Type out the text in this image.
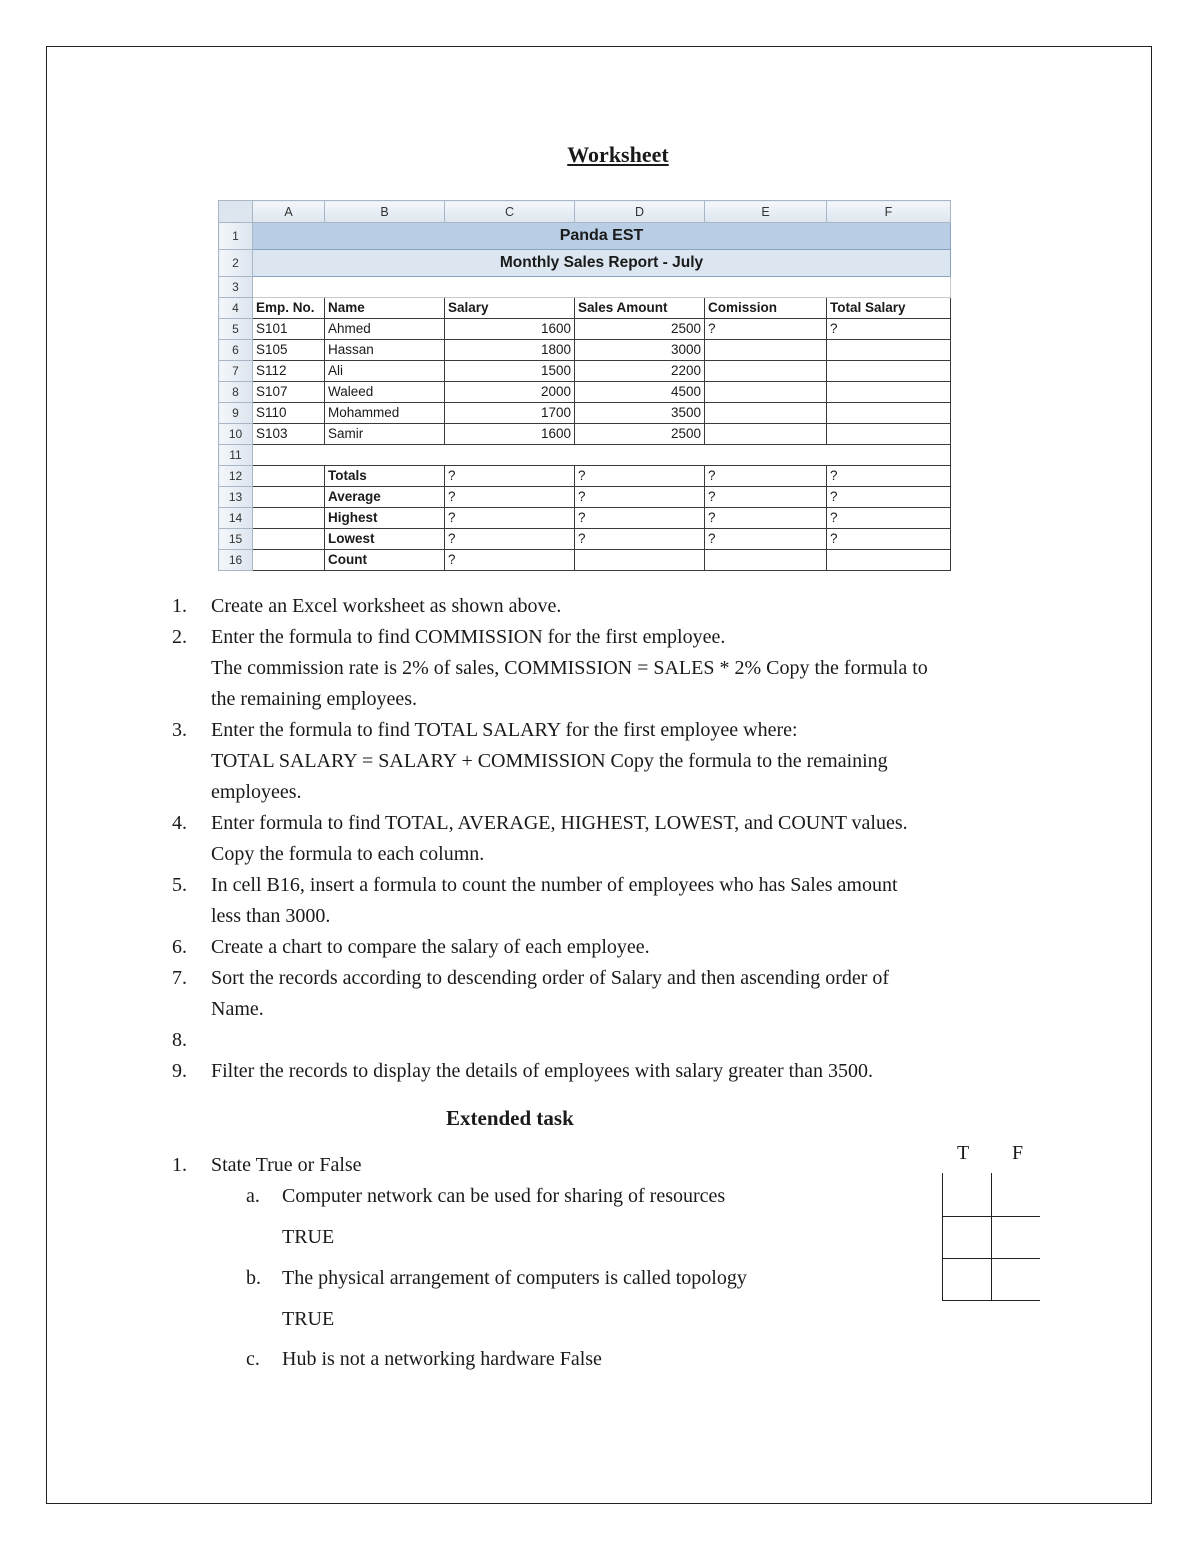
Worksheet
	A	B	C	D	E	F
1	Panda EST					
2	Monthly Sales Report - July					
3						
4	Emp. No.	Name	Salary	Sales Amount	Comission	Total Salary
5	S101	Ahmed	1600	2500	?	?
6	S105	Hassan	1800	3000		
7	S112	Ali	1500	2200		
8	S107	Waleed	2000	4500		
9	S110	Mohammed	1700	3500		
10	S103	Samir	1600	2500		
11						
12		Totals	?	?	?	?
13		Average	?	?	?	?
14		Highest	?	?	?	?
15		Lowest	?	?	?	?
16		Count	?			
1.	Create an Excel worksheet as shown above.
2.	Enter the formula to find COMMISSION for the first employee.
The commission rate is 2% of sales, COMMISSION = SALES * 2% Copy the formula to
the remaining employees.
3.	Enter the formula to find TOTAL SALARY for the first employee where:
TOTAL SALARY = SALARY + COMMISSION Copy the formula to the remaining
employees.
4.	Enter formula to find TOTAL, AVERAGE, HIGHEST, LOWEST, and COUNT values.
Copy the formula to each column.
5.	In cell B16, insert a formula to count the number of employees who has Sales amount
less than 3000.
6.	Create a chart to compare the salary of each employee.
7.	Sort the records according to descending order of Salary and then ascending order of
Name.
8.
9.	Filter the records to display the details of employees with salary greater than 3500.
1.	State True or False
a.	Computer network can be used for sharing of resources
TRUE
b.	The physical arrangement of computers is called topology
TRUE
c.	Hub is not a networking hardware False
Extended task
T F
